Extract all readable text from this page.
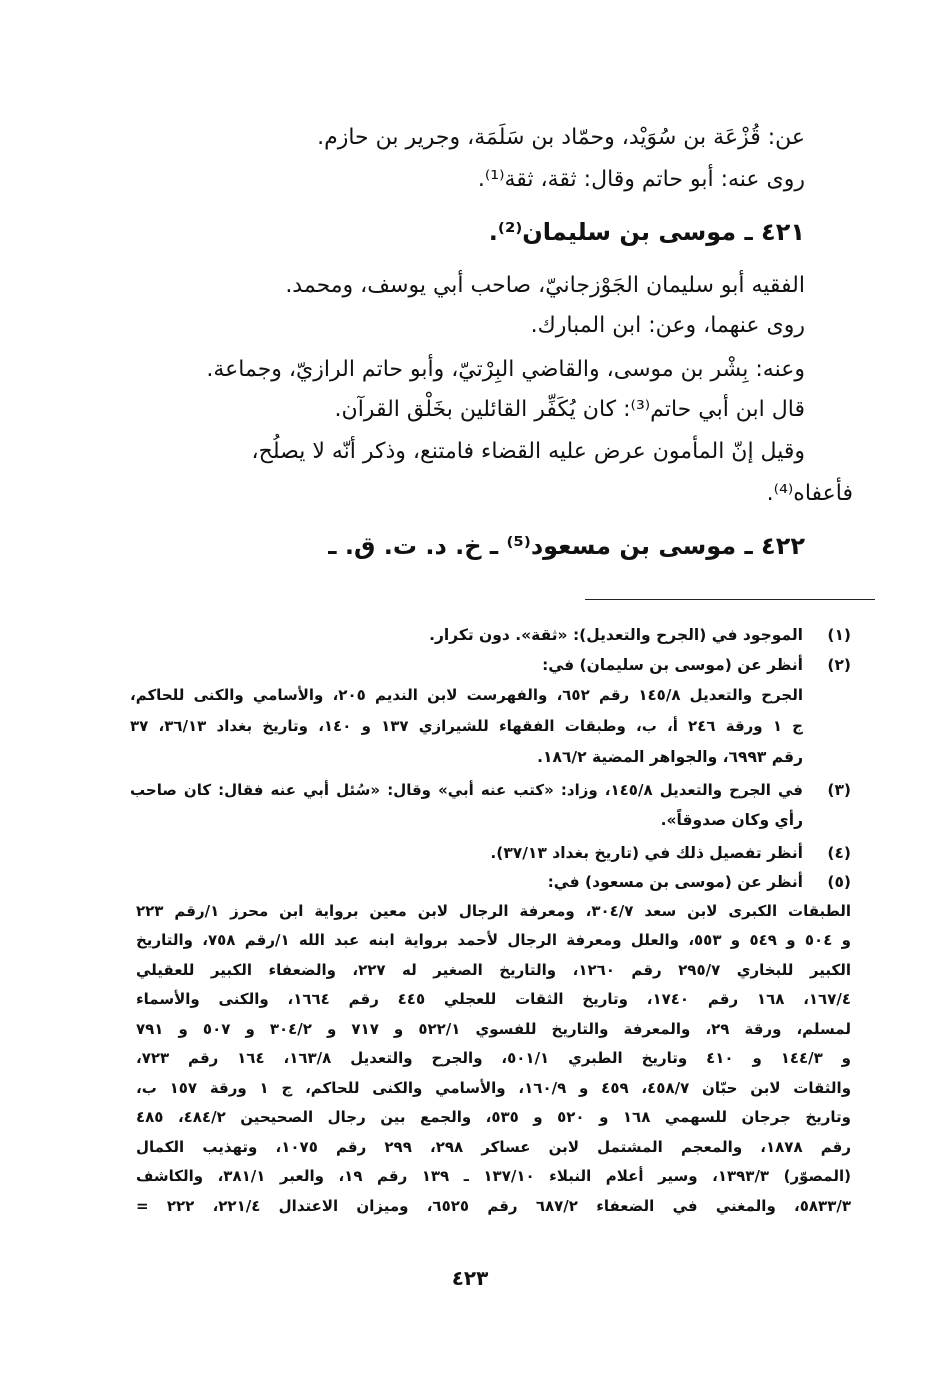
عن: قُزْعَة بن سُوَيْد، وحمّاد بن سَلَمَة، وجرير بن حازم.
روى عنه: أبو حاتم وقال: ثقة، ثقة⁽¹⁾.
٤٢١ ـ موسى بن سليمان⁽²⁾.
الفقيه أبو سليمان الجَوْزجانيّ، صاحب أبي يوسف، ومحمد.
روى عنهما، وعن: ابن المبارك.
وعنه: بِشْر بن موسى، والقاضي البِرْتيّ، وأبو حاتم الرازيّ، وجماعة.
قال ابن أبي حاتم⁽³⁾: كان يُكَفِّر القائلين بخَلْق القرآن.
وقيل إنّ المأمون عرض عليه القضاء فامتنع، وذكر أنّه لا يصلُح،
فأعفاه⁽⁴⁾.
٤٢٢ ـ موسى بن مسعود⁽⁵⁾ ـ خ. د. ت. ق. ـ
(١)
الموجود في (الجرح والتعديل): «ثقة». دون تكرار.
(٢)
أنظر عن (موسى بن سليمان) في:
الجرح والتعديل ١٤٥/٨ رقم ٦٥٢، والفهرست لابن النديم ٢٠٥، والأسامي والكنى للحاكم،
ج ١ ورقة ٢٤٦ أ، ب، وطبقات الفقهاء للشيرازي ١٣٧ و ١٤٠، وتاريخ بغداد ٣٦/١٣، ٣٧
رقم ٦٩٩٣، والجواهر المضية ١٨٦/٢.
(٣)
في الجرح والتعديل ١٤٥/٨، وزاد: «كتب عنه أبي» وقال: «سُئل أبي عنه فقال: كان صاحب
رأي وكان صدوقاً».
(٤)
أنظر تفصيل ذلك في (تاريخ بغداد ٣٧/١٣).
(٥)
أنظر عن (موسى بن مسعود) في:
الطبقات الكبرى لابن سعد ٣٠٤/٧، ومعرفة الرجال لابن معين برواية ابن محرز ١/رقم ٢٢٣
و ٥٠٤ و ٥٤٩ و ٥٥٣، والعلل ومعرفة الرجال لأحمد برواية ابنه عبد الله ١/رقم ٧٥٨، والتاريخ
الكبير للبخاري ٢٩٥/٧ رقم ١٢٦٠، والتاريخ الصغير له ٢٢٧، والضعفاء الكبير للعقيلي
١٦٧/٤، ١٦٨ رقم ١٧٤٠، وتاريخ الثقات للعجلي ٤٤٥ رقم ١٦٦٤، والكنى والأسماء
لمسلم، ورقة ٢٩، والمعرفة والتاريخ للفسوي ٥٢٢/١ و ٧١٧ و ٣٠٤/٢ و ٥٠٧ و ٧٩١
و ١٤٤/٣ و ٤١٠ وتاريخ الطبري ٥٠١/١، والجرح والتعديل ١٦٣/٨، ١٦٤ رقم ٧٢٣،
والثقات لابن حبّان ٤٥٨/٧، ٤٥٩ و ١٦٠/٩، والأسامي والكنى للحاكم، ج ١ ورقة ١٥٧ ب،
وتاريخ جرجان للسهمي ١٦٨ و ٥٢٠ و ٥٣٥، والجمع بين رجال الصحيحين ٤٨٤/٢، ٤٨٥
رقم ١٨٧٨، والمعجم المشتمل لابن عساكر ٢٩٨، ٢٩٩ رقم ١٠٧٥، وتهذيب الكمال
(المصوّر) ١٣٩٣/٣، وسير أعلام النبلاء ١٣٧/١٠ ـ ١٣٩ رقم ١٩، والعبر ٣٨١/١، والكاشف
٥٨٣٣/٣، والمغني في الضعفاء ٦٨٧/٢ رقم ٦٥٢٥، وميزان الاعتدال ٢٢١/٤، ٢٢٢ =
٤٢٣
